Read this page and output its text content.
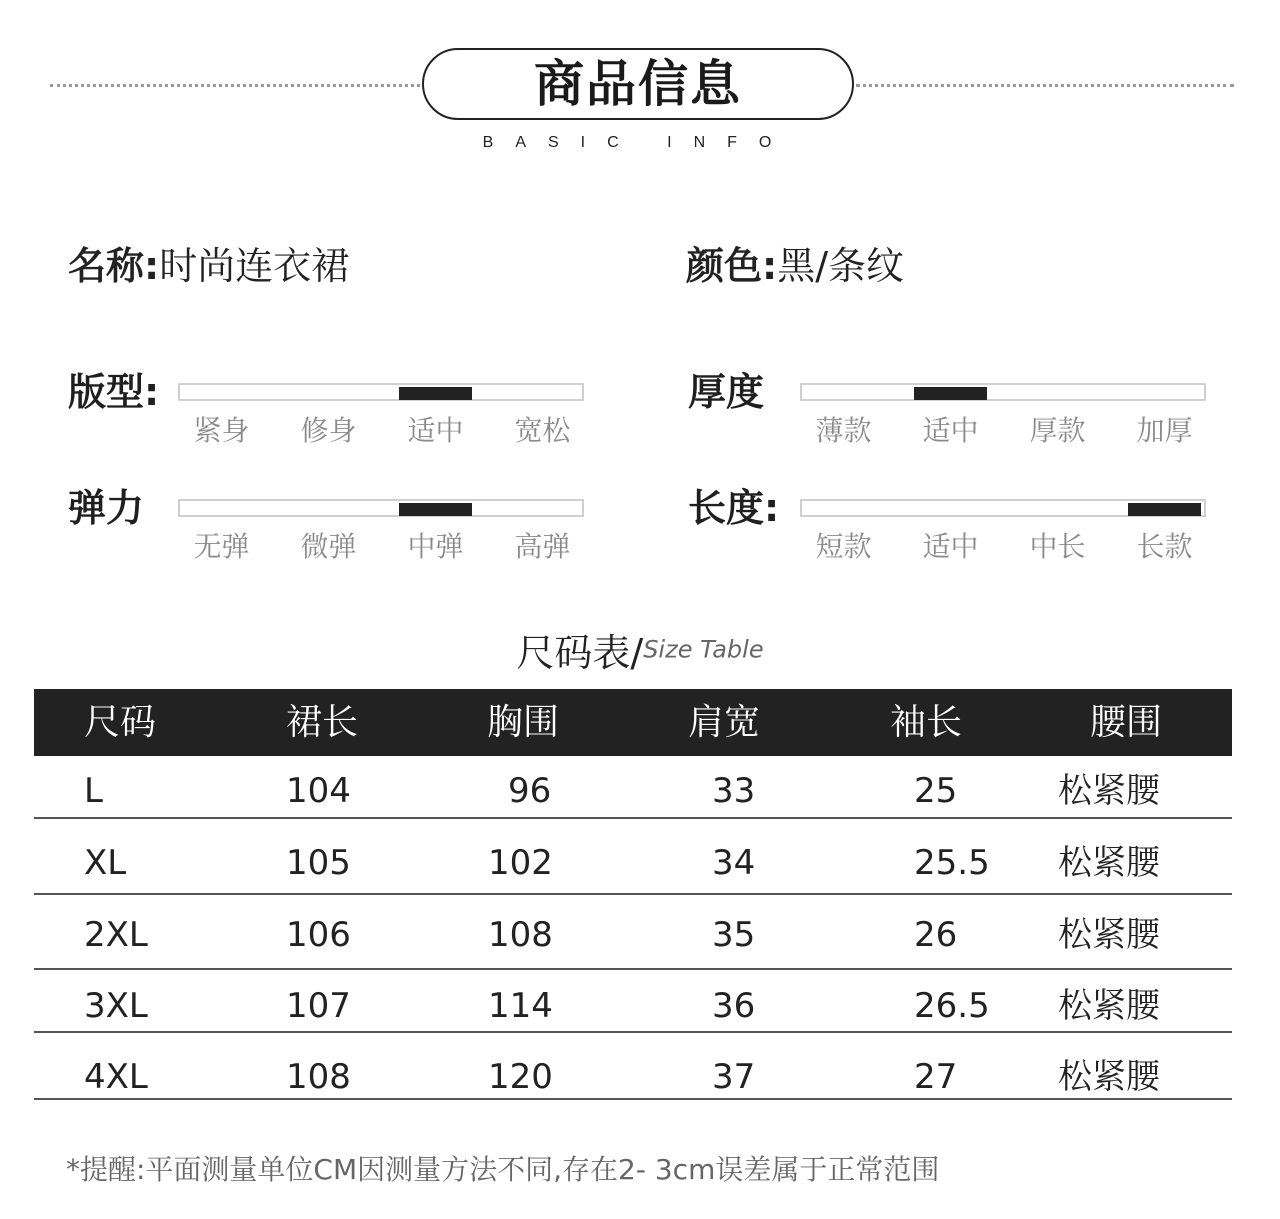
商品信息
BASIC INFO
名称:时尚连衣裙	颜色:黑/条纹
版型:
紧身	修身	适中	宽松
厚度
薄款	适中	厚款	加厚
弹力
无弹	微弹	中弹	高弹
长度:
短款	适中	中长	长款
尺码表/Size Table
尺码	裙长	胸围	肩宽	袖长	腰围
L	104	96	33	25	松紧腰
XL	105	102	34	25.5 松紧腰
2XL	106	108	35	26	松紧腰
3XL	107	114	36	26.5 松紧腰
4XL	108	120	37	27	松紧腰
*提醒:平面测量单位CM因测量方法不同,存在2- 3cm误差属于正常范围
